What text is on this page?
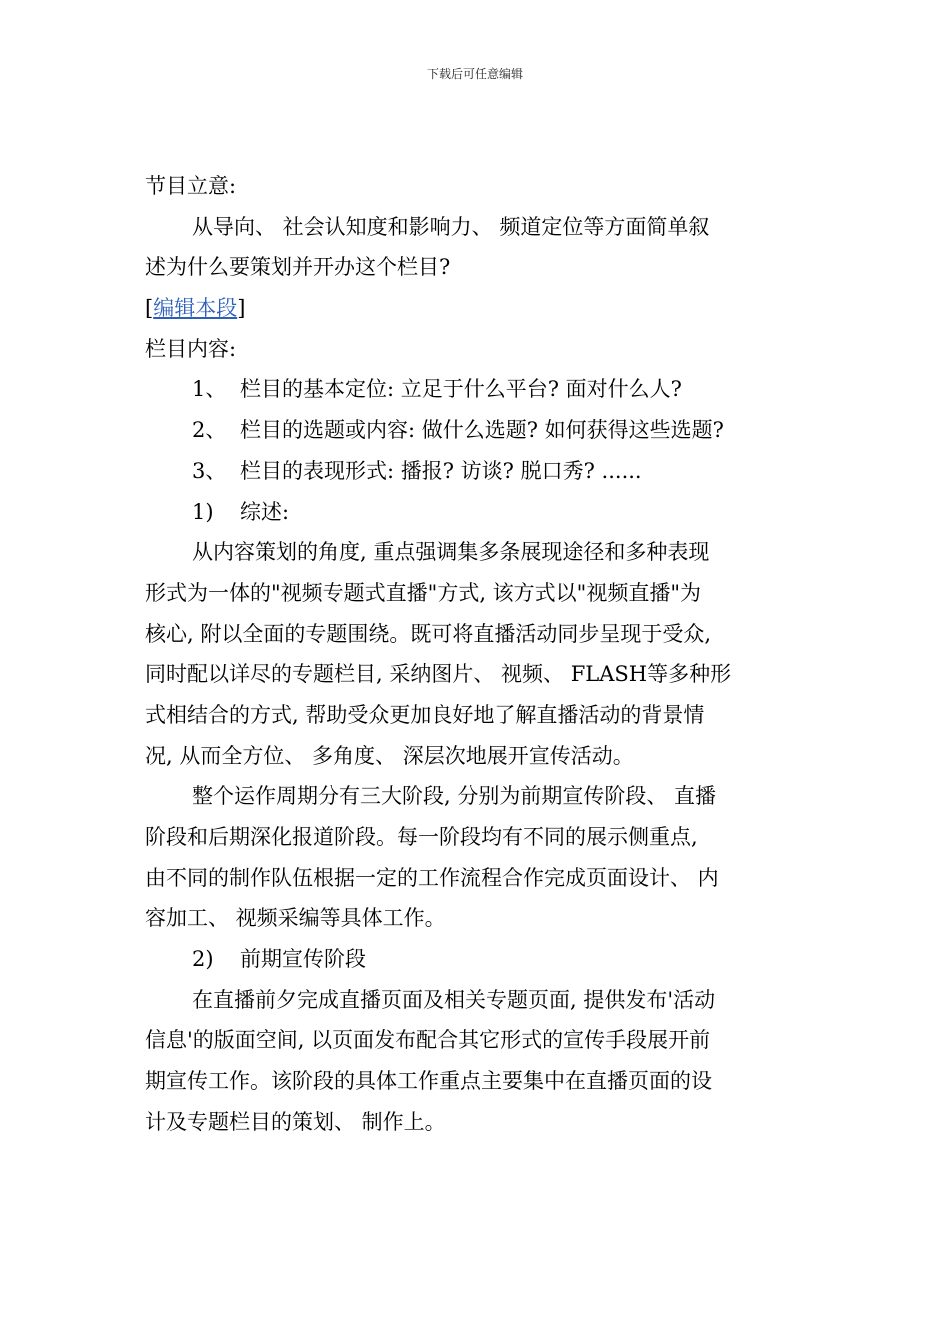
下载后可任意编辑
节目立意:
从导向、 社会认知度和影响力、 频道定位等方面简单叙
述为什么要策划并开办这个栏目?
[编辑本段]
栏目内容:
1、 栏目的基本定位: 立足于什么平台? 面对什么人?
2、 栏目的选题或内容: 做什么选题? 如何获得这些选题?
3、 栏目的表现形式: 播报? 访谈? 脱口秀? ......
1) 综述:
从内容策划的角度, 重点强调集多条展现途径和多种表现
形式为一体的"视频专题式直播"方式, 该方式以"视频直播"为
核心, 附以全面的专题围绕。既可将直播活动同步呈现于受众,
同时配以详尽的专题栏目, 采纳图片、 视频、 FLASH等多种形
式相结合的方式, 帮助受众更加良好地了解直播活动的背景情
况, 从而全方位、 多角度、 深层次地展开宣传活动。
整个运作周期分有三大阶段, 分别为前期宣传阶段、 直播
阶段和后期深化报道阶段。每一阶段均有不同的展示侧重点,
由不同的制作队伍根据一定的工作流程合作完成页面设计、 内
容加工、 视频采编等具体工作。
2) 前期宣传阶段
在直播前夕完成直播页面及相关专题页面, 提供发布'活动
信息'的版面空间, 以页面发布配合其它形式的宣传手段展开前
期宣传工作。该阶段的具体工作重点主要集中在直播页面的设
计及专题栏目的策划、 制作上。
